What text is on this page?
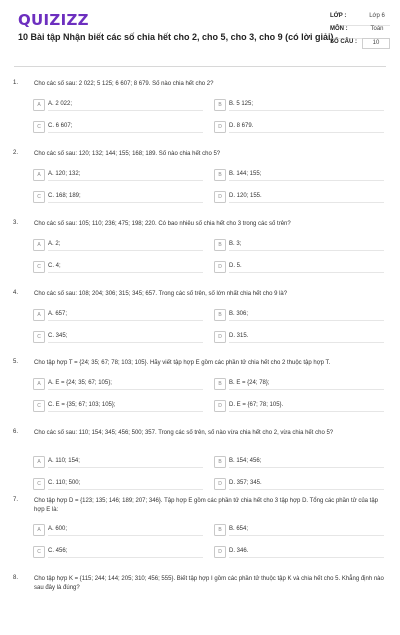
QUIZIZZ
10 Bài tập Nhận biết các số chia hết cho 2, cho 5, cho 3, cho 9 (có lời giải)
LỚP :	Lớp 6
MÔN :	Toán
SỐ CÂU :	10
1.	Cho các số sau: 2 022; 5 125; 6 607; 8 679. Số nào chia hết cho 2?
A	A. 2 022;	B	B. 5 125;
C	C. 6 607;	D	D. 8 679.
2.	Cho các số sau: 120; 132; 144; 155; 168; 189. Số nào chia hết cho 5?
A	A. 120; 132;	B	B. 144; 155;
C	C. 168; 189;	D	D. 120; 155.
3.	Cho các số sau: 105; 110; 236; 475; 198; 220. Có bao nhiêu số chia hết cho 3 trong các số trên?
A	A. 2;	B	B. 3;
C	C. 4;	D	D. 5.
4.	Cho các số sau: 108; 204; 306; 315; 345; 657. Trong các số trên, số lớn nhất chia hết cho 9 là?
A	A. 657;	B	B. 306;
C	C. 345;	D	D. 315.
5.	Cho tập hợp T = {24; 35; 67; 78; 103; 105}. Hãy viết tập hợp E gồm các phần tử chia hết cho 2 thuộc tập hợp T.
A	A. E = {24; 35; 67; 105};	B	B. E = {24; 78};
C	C. E = {35; 67; 103; 105};	D	D. E = {67; 78; 105}.
6.	Cho các số sau: 110; 154; 345; 456; 500; 357. Trong các số trên, số nào vừa chia hết cho 2, vừa chia hết cho 5?
A	A. 110; 154;	B	B. 154; 456;
C	C. 110; 500;	D	D. 357; 345.
7.	Cho tập hợp D = {123; 135; 146; 189; 207; 346}. Tập hợp E gồm các phần tử chia hết cho 3 tập hợp D. Tổng các phần tử của tập hợp E là:
A	A. 600;	B	B. 654;
C	C. 456;	D	D. 346.
8.	Cho tập hợp K = {115; 244; 144; 205; 310; 456; 555}. Biết tập hợp I gồm các phần tử thuộc tập K và chia hết cho 5. Khẳng định nào sau đây là đúng?
